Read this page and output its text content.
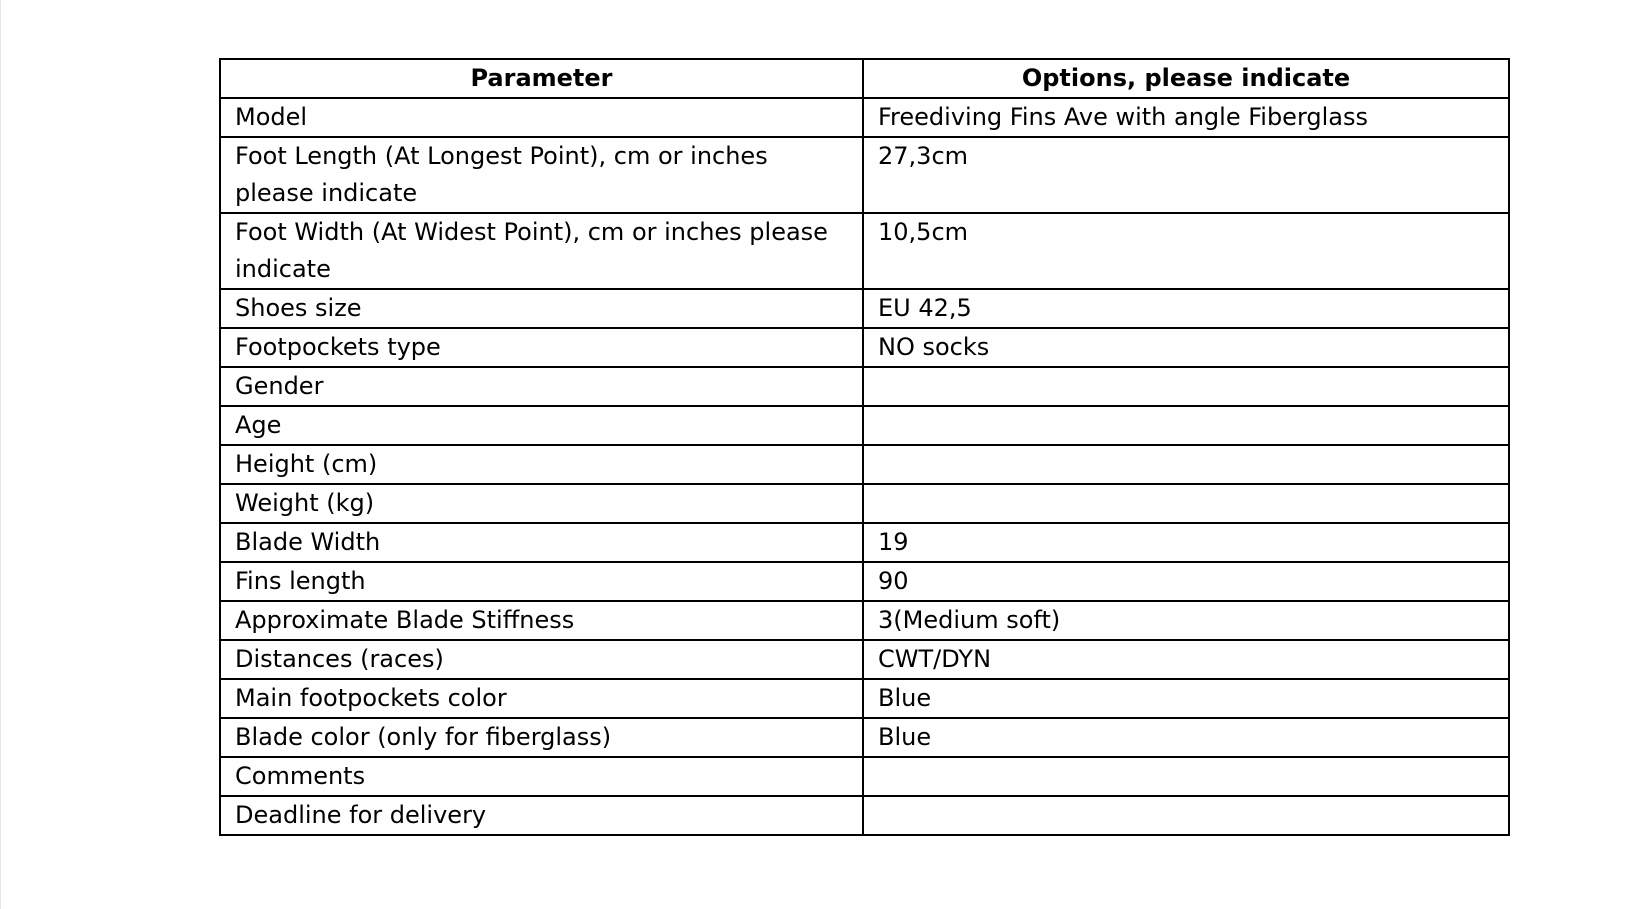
Parameter	Options, please indicate
Model	Freediving Fins Ave with angle Fiberglass
Foot Length (At Longest Point), cm or inches please indicate	27,3cm
Foot Width (At Widest Point), cm or inches please indicate	10,5cm
Shoes size	EU 42,5
Footpockets type	NO socks
Gender	
Age	
Height (cm)	
Weight (kg)	
Blade Width	19
Fins length	90
Approximate Blade Stiffness	3(Medium soft)
Distances (races)	CWT/DYN
Main footpockets color	Blue
Blade color (only for fiberglass)	Blue
Comments	
Deadline for delivery	
